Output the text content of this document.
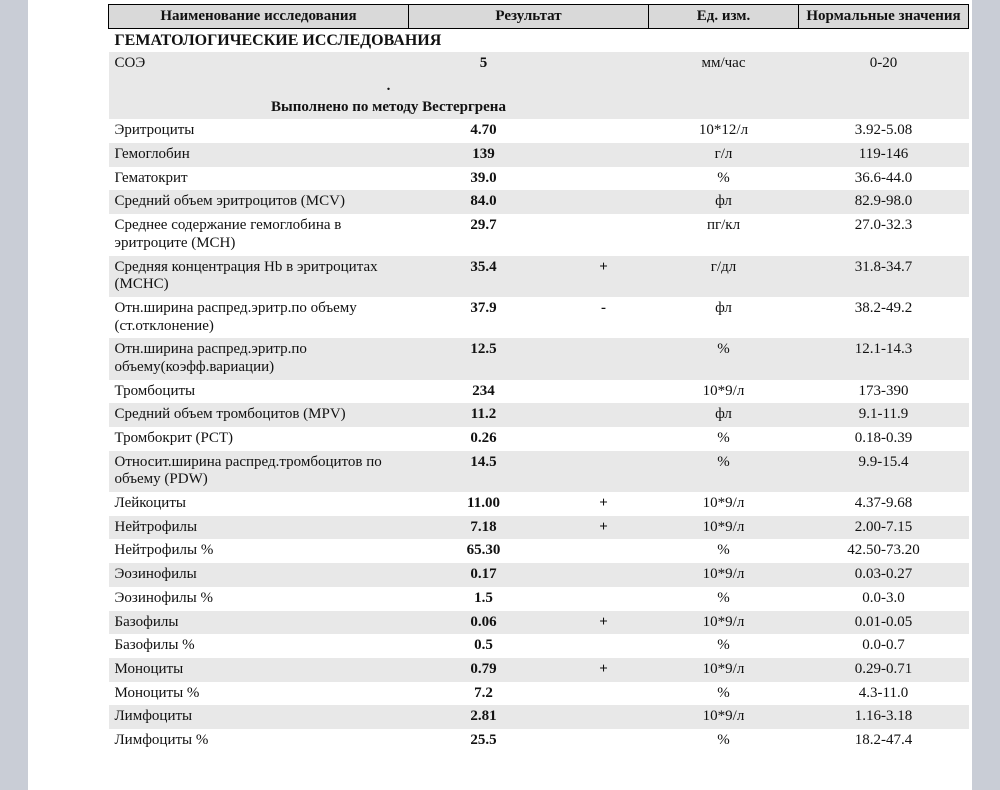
Наименование исследования	Результат		Ед. изм.	Нормальные значения
ГЕМАТОЛОГИЧЕСКИЕ ИССЛЕДОВАНИЯ				
СОЭ	5		мм/час	0-20

.
Выполнено по методу Вестергрена				

Эритроциты	4.70		10*12/л	3.92-5.08
Гемоглобин	139		г/л	119-146
Гематокрит	39.0		%	36.6-44.0
Средний объем эритроцитов (MCV)	84.0		фл	82.9-98.0
Среднее содержание гемоглобина в эритроците (MCH)	29.7		пг/кл	27.0-32.3
Средняя концентрация Hb в эритроцитах (MCHC)	35.4	+	г/дл	31.8-34.7
Отн.ширина распред.эритр.по объему (ст.отклонение)	37.9	-	фл	38.2-49.2
Отн.ширина распред.эритр.по объему(коэфф.вариации)	12.5		%	12.1-14.3
Тромбоциты	234		10*9/л	173-390
Средний объем тромбоцитов (MPV)	11.2		фл	9.1-11.9
Тромбокрит (PCT)	0.26		%	0.18-0.39
Относит.ширина распред.тромбоцитов по объему (PDW)	14.5		%	9.9-15.4
Лейкоциты	11.00	+	10*9/л	4.37-9.68
Нейтрофилы	7.18	+	10*9/л	2.00-7.15
Нейтрофилы %	65.30		%	42.50-73.20
Эозинофилы	0.17		10*9/л	0.03-0.27
Эозинофилы %	1.5		%	0.0-3.0
Базофилы	0.06	+	10*9/л	0.01-0.05
Базофилы %	0.5		%	0.0-0.7
Моноциты	0.79	+	10*9/л	0.29-0.71
Моноциты %	7.2		%	4.3-11.0
Лимфоциты	2.81		10*9/л	1.16-3.18
Лимфоциты %	25.5		%	18.2-47.4
